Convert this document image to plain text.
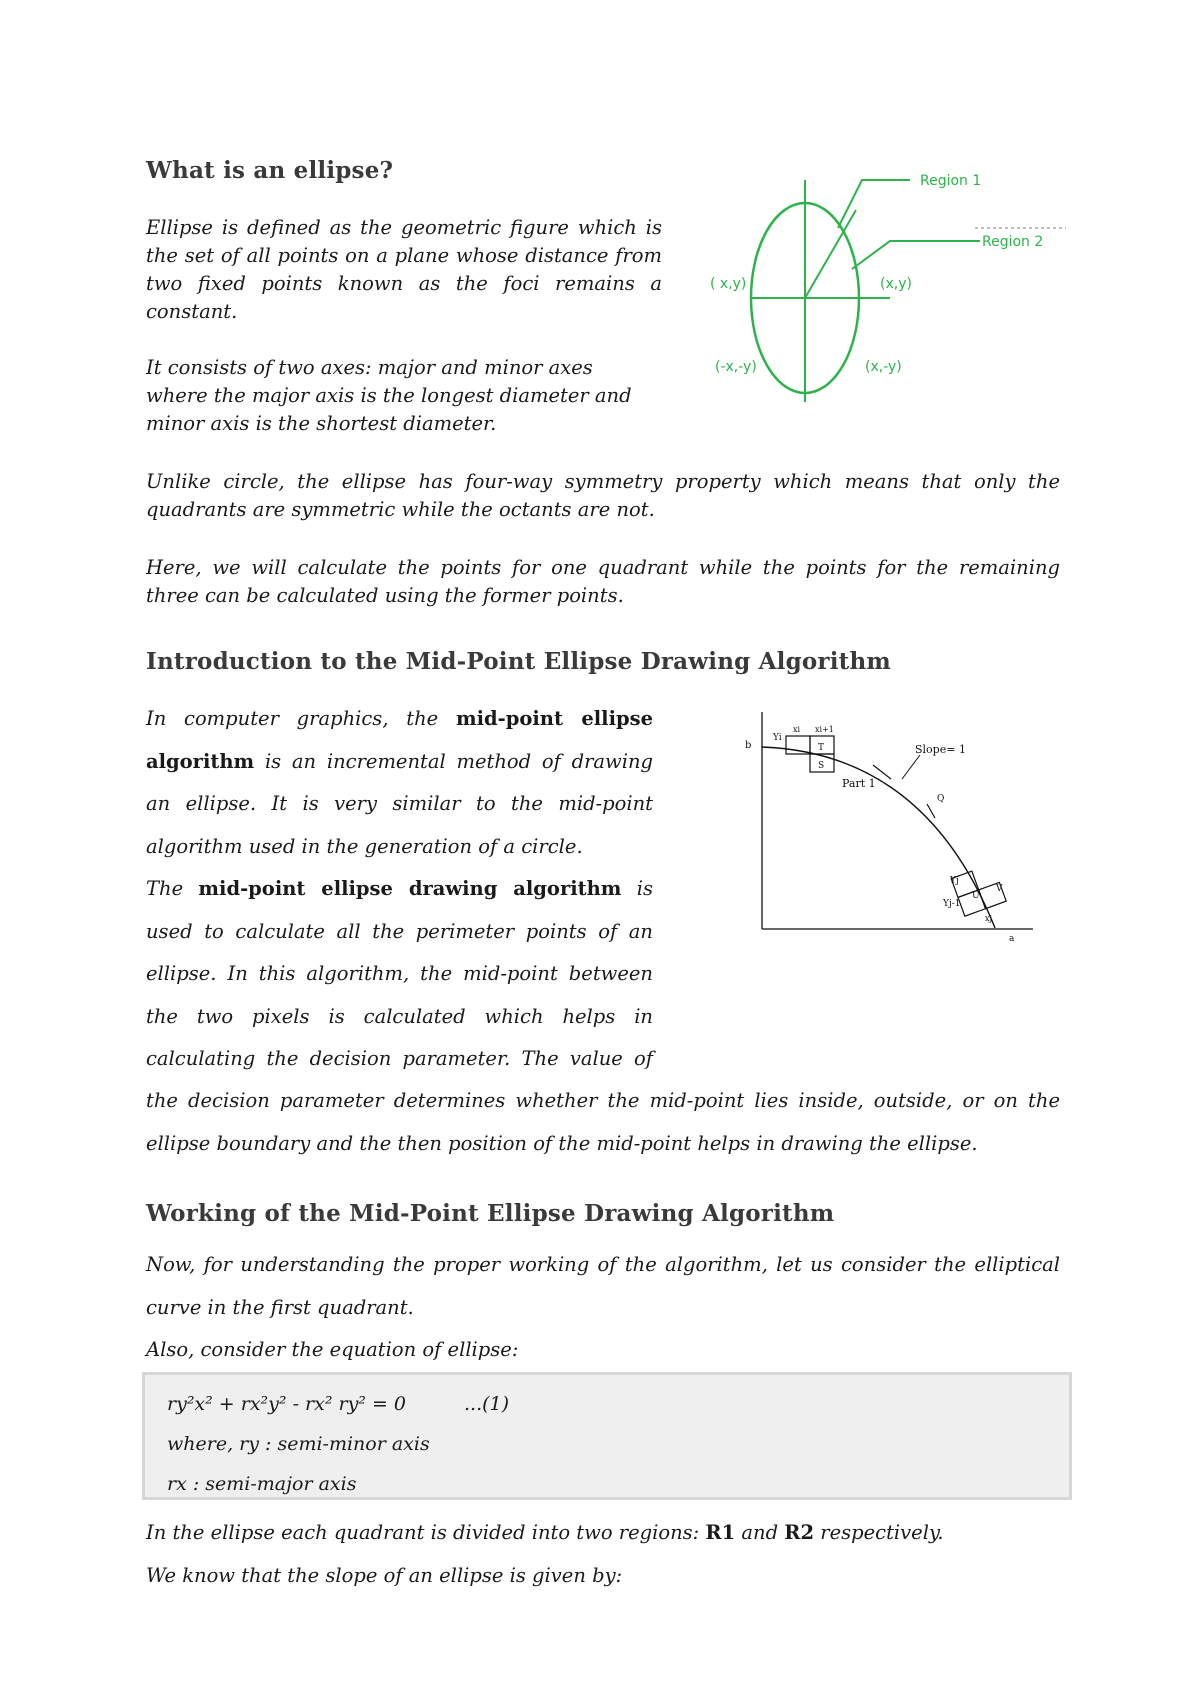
What is an ellipse?

Ellipse is defined as the geometric figure which is

the set of all points on a plane whose distance from

two fixed points known as the foci remains a

constant.

It consists of two axes: major and minor axes

where the major axis is the longest diameter and

minor axis is the shortest diameter.

Unlike circle, the ellipse has four-way symmetry property which means that only the

quadrants are symmetric while the octants are not.

Here, we will calculate the points for one quadrant while the points for the remaining

three can be calculated using the former points.

Region 1
Region 2
( x,y)	(x,y)
(-x,-y)	(x,-y)
Introduction to the Mid-Point Ellipse Drawing Algorithm

In computer graphics, the mid-point ellipse

algorithm is an incremental method of drawing

an ellipse. It is very similar to the mid-point

algorithm used in the generation of a circle.

The mid-point ellipse drawing algorithm is

used to calculate all the perimeter points of an

ellipse. In this algorithm, the mid-point between

the two pixels is calculated which helps in

calculating the decision parameter. The value of

the decision parameter determines whether the mid-point lies inside, outside, or on the

ellipse boundary and the then position of the mid-point helps in drawing the ellipse.

b
Yi
xi xi+1
T
S
Slope= 1
Part 1
Q
Yj
Yj-1
xj
U
V
a
Working of the Mid-Point Ellipse Drawing Algorithm

Now, for understanding the proper working of the algorithm, let us consider the elliptical

curve in the first quadrant.

Also, consider the equation of ellipse:

ry²x² + rx²y² - rx² ry² = 0	...(1)

where, ry : semi-minor axis

rx : semi-major axis

In the ellipse each quadrant is divided into two regions: R1 and R2 respectively.

We know that the slope of an ellipse is given by:
